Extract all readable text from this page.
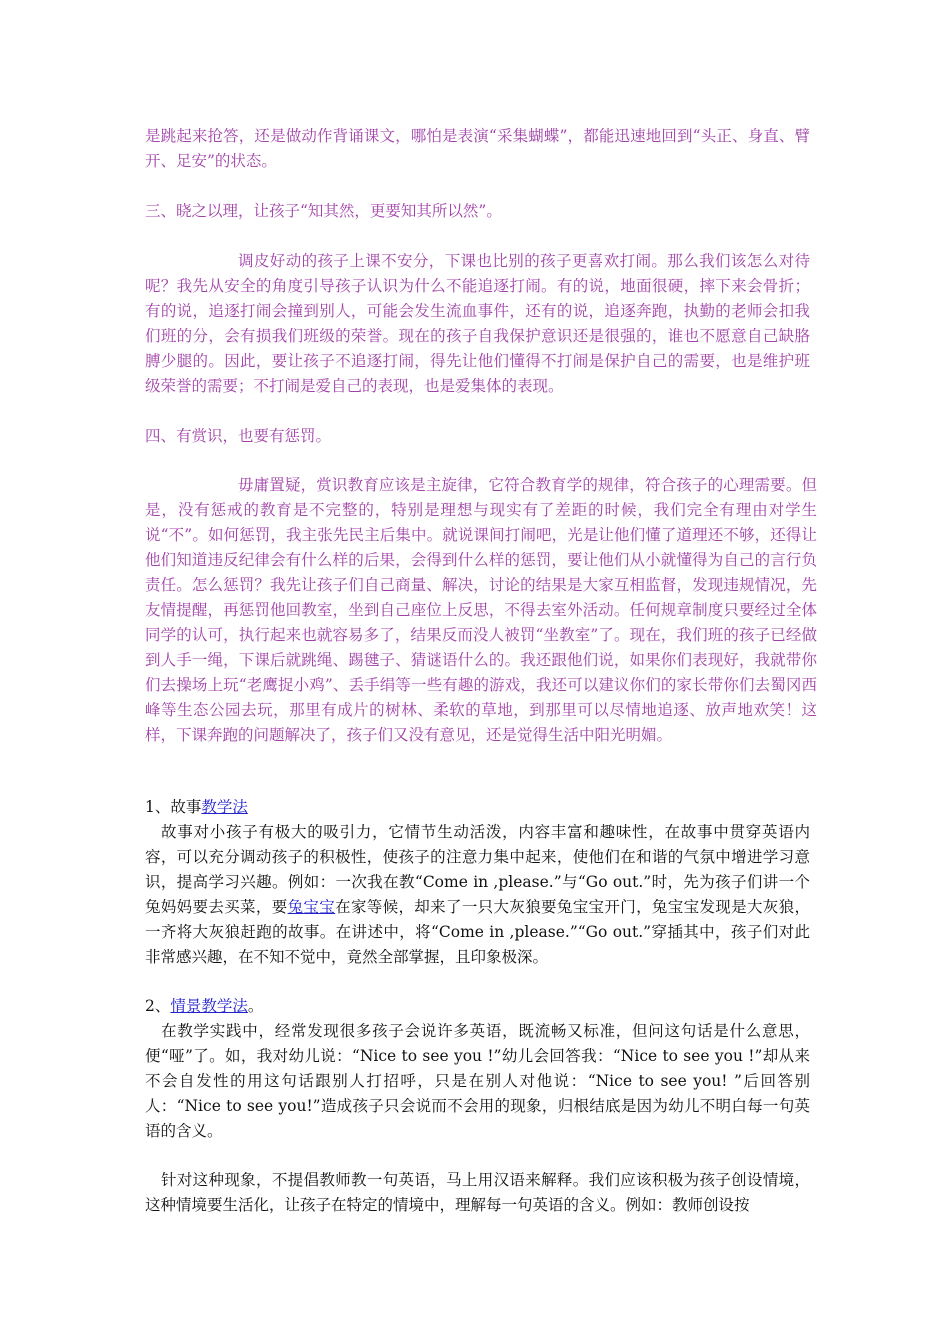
是跳起来抢答，还是做动作背诵课文，哪怕是表演“采集蝴蝶”，都能迅速地回到“头正、身直、臂开、足安”的状态。

三、晓之以理，让孩子“知其然，更要知其所以然”。

调皮好动的孩子上课不安分，下课也比别的孩子更喜欢打闹。那么我们该怎么对待呢？我先从安全的角度引导孩子认识为什么不能追逐打闹。有的说，地面很硬，摔下来会骨折；有的说，追逐打闹会撞到别人，可能会发生流血事件，还有的说，追逐奔跑，执勤的老师会扣我们班的分，会有损我们班级的荣誉。现在的孩子自我保护意识还是很强的，谁也不愿意自己缺胳膊少腿的。因此，要让孩子不追逐打闹，得先让他们懂得不打闹是保护自己的需要，也是维护班级荣誉的需要；不打闹是爱自己的表现，也是爱集体的表现。

四、有赏识，也要有惩罚。

毋庸置疑，赏识教育应该是主旋律，它符合教育学的规律，符合孩子的心理需要。但是，没有惩戒的教育是不完整的，特别是理想与现实有了差距的时候，我们完全有理由对学生说“不”。如何惩罚，我主张先民主后集中。就说课间打闹吧，光是让他们懂了道理还不够，还得让他们知道违反纪律会有什么样的后果，会得到什么样的惩罚，要让他们从小就懂得为自己的言行负责任。怎么惩罚？我先让孩子们自己商量、解决，讨论的结果是大家互相监督，发现违规情况，先友情提醒，再惩罚他回教室，坐到自己座位上反思，不得去室外活动。任何规章制度只要经过全体同学的认可，执行起来也就容易多了，结果反而没人被罚“坐教室”了。现在，我们班的孩子已经做到人手一绳，下课后就跳绳、踢毽子、猜谜语什么的。我还跟他们说，如果你们表现好，我就带你们去操场上玩“老鹰捉小鸡”、丢手绢等一些有趣的游戏，我还可以建议你们的家长带你们去蜀冈西峰等生态公园去玩，那里有成片的树林、柔软的草地，到那里可以尽情地追逐、放声地欢笑！这样，下课奔跑的问题解决了，孩子们又没有意见，还是觉得生活中阳光明媚。

1、故事教学法

故事对小孩子有极大的吸引力，它情节生动活泼，内容丰富和趣味性，在故事中贯穿英语内容，可以充分调动孩子的积极性，使孩子的注意力集中起来，使他们在和谐的气氛中增进学习意识，提高学习兴趣。例如：一次我在教“Come in ,please.”与“Go out.”时，先为孩子们讲一个兔妈妈要去买菜，要兔宝宝在家等候，却来了一只大灰狼要兔宝宝开门，兔宝宝发现是大灰狼，一齐将大灰狼赶跑的故事。在讲述中，将“Come in ,please.”“Go out.”穿插其中，孩子们对此非常感兴趣，在不知不觉中，竟然全部掌握，且印象极深。

2、情景教学法。

在教学实践中，经常发现很多孩子会说许多英语，既流畅又标准，但问这句话是什么意思，便“哑”了。如，我对幼儿说：“Nice to see you !”幼儿会回答我：“Nice to see you !”却从来不会自发性的用这句话跟别人打招呼，只是在别人对他说：“Nice to see you! ”后回答别人：“Nice to see you!”造成孩子只会说而不会用的现象，归根结底是因为幼儿不明白每一句英语的含义。

针对这种现象，不提倡教师教一句英语，马上用汉语来解释。我们应该积极为孩子创设情境，这种情境要生活化，让孩子在特定的情境中，理解每一句英语的含义。例如：教师创设按
